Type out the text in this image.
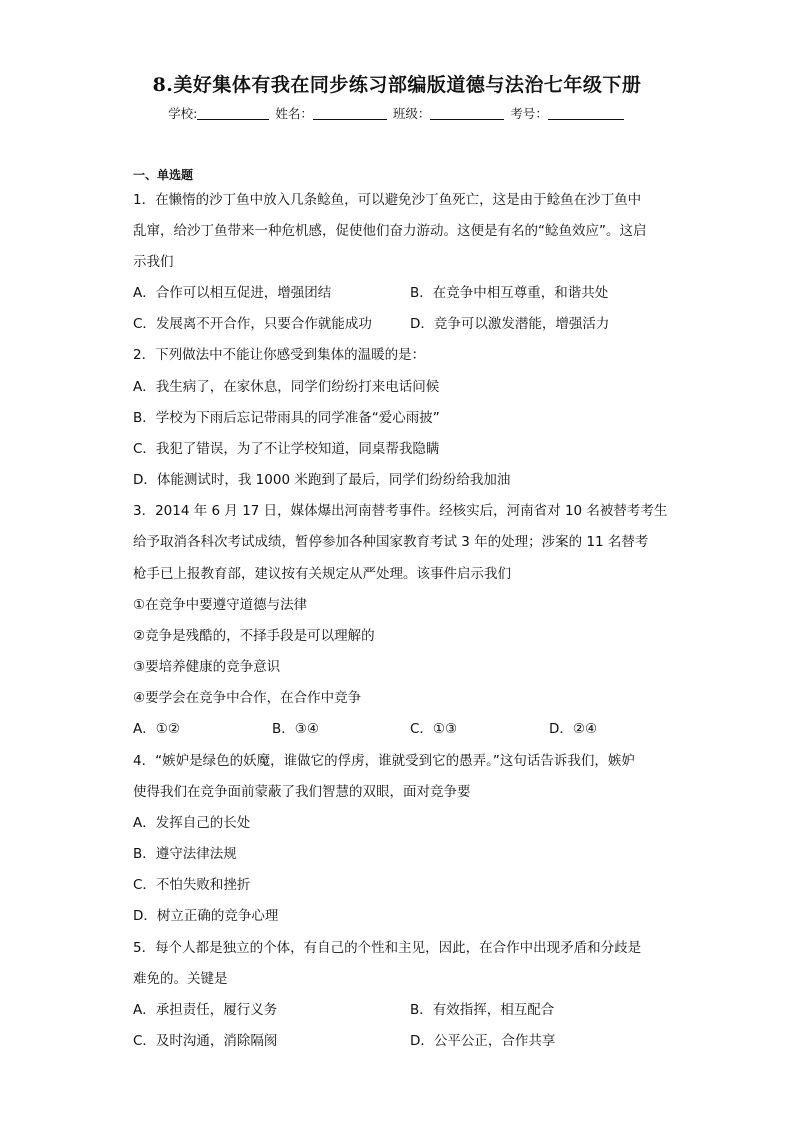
8.美好集体有我在同步练习部编版道德与法治七年级下册
学校:	姓名：	班级：	考号：
一、单选题
1．在懒惰的沙丁鱼中放入几条鲶鱼，可以避免沙丁鱼死亡，这是由于鲶鱼在沙丁鱼中
乱窜，给沙丁鱼带来一种危机感，促使他们奋力游动。这便是有名的“鲶鱼效应”。这启
示我们
A．合作可以相互促进，增强团结	B．在竞争中相互尊重，和谐共处
C．发展离不开合作，只要合作就能成功	D．竞争可以激发潜能，增强活力
2．下列做法中不能让你感受到集体的温暖的是：
A．我生病了，在家休息，同学们纷纷打来电话问候
B．学校为下雨后忘记带雨具的同学准备“爱心雨披”
C．我犯了错误，为了不让学校知道，同桌帮我隐瞒
D．体能测试时，我 1000 米跑到了最后，同学们纷纷给我加油
3．2014 年 6 月 17 日，媒体爆出河南替考事件。经核实后，河南省对 10 名被替考考生
给予取消各科次考试成绩，暂停参加各种国家教育考试 3 年的处理；涉案的 11 名替考
枪手已上报教育部，建议按有关规定从严处理。该事件启示我们
①在竞争中要遵守道德与法律
②竞争是残酷的，不择手段是可以理解的
③要培养健康的竞争意识
④要学会在竞争中合作，在合作中竞争
A．①②	B．③④	C．①③	D．②④
4．“嫉妒是绿色的妖魔，谁做它的俘虏，谁就受到它的愚弄。”这句话告诉我们，嫉妒
使得我们在竞争面前蒙蔽了我们智慧的双眼，面对竞争要
A．发挥自己的长处
B．遵守法律法规
C．不怕失败和挫折
D．树立正确的竞争心理
5．每个人都是独立的个体，有自己的个性和主见，因此，在合作中出现矛盾和分歧是
难免的。关键是
A．承担责任，履行义务	B．有效指挥，相互配合
C．及时沟通，消除隔阂	D．公平公正，合作共享
